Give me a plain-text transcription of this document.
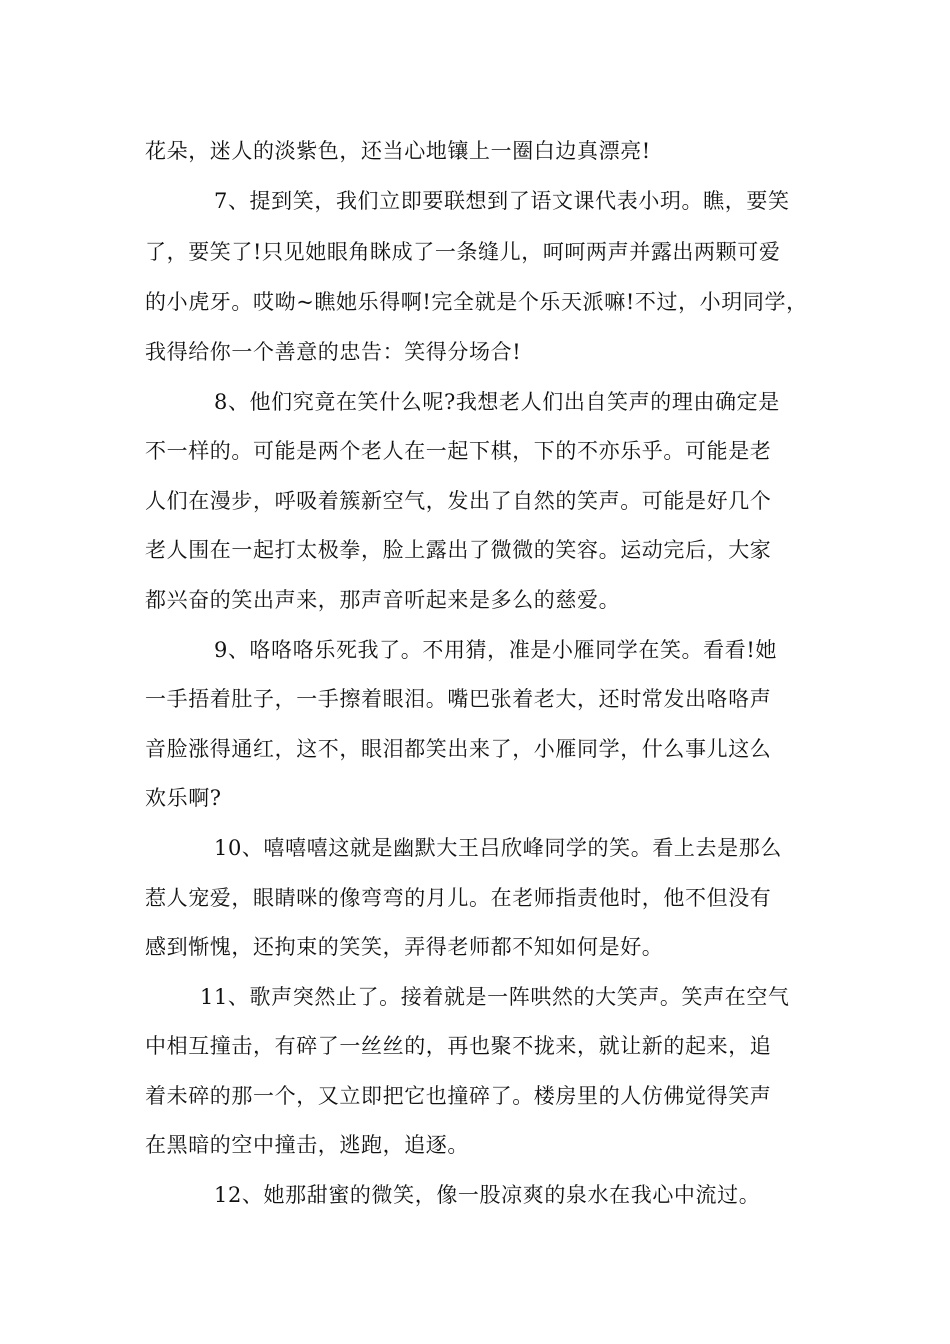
花朵，迷人的淡紫色，还当心地镶上一圈白边真漂亮!
7、提到笑，我们立即要联想到了语文课代表小玥。瞧，要笑
了，要笑了!只见她眼角眯成了一条缝儿，呵呵两声并露出两颗可爱
的小虎牙。哎呦~瞧她乐得啊!完全就是个乐天派嘛!不过，小玥同学，
我得给你一个善意的忠告：笑得分场合!
8、他们究竟在笑什么呢?我想老人们出自笑声的理由确定是
不一样的。可能是两个老人在一起下棋，下的不亦乐乎。可能是老
人们在漫步，呼吸着簇新空气，发出了自然的笑声。可能是好几个
老人围在一起打太极拳，脸上露出了微微的笑容。运动完后，大家
都兴奋的笑出声来，那声音听起来是多么的慈爱。
9、咯咯咯乐死我了。不用猜，准是小雁同学在笑。看看!她
一手捂着肚子，一手擦着眼泪。嘴巴张着老大，还时常发出咯咯声
音脸涨得通红，这不，眼泪都笑出来了，小雁同学，什么事儿这么
欢乐啊?
10、嘻嘻嘻这就是幽默大王吕欣峰同学的笑。看上去是那么
惹人宠爱，眼睛咪的像弯弯的月儿。在老师指责他时，他不但没有
感到惭愧，还拘束的笑笑，弄得老师都不知如何是好。
11、歌声突然止了。接着就是一阵哄然的大笑声。笑声在空气
中相互撞击，有碎了一丝丝的，再也聚不拢来，就让新的起来，追
着未碎的那一个，又立即把它也撞碎了。楼房里的人仿佛觉得笑声
在黑暗的空中撞击，逃跑，追逐。
12、她那甜蜜的微笑，像一股凉爽的泉水在我心中流过。
